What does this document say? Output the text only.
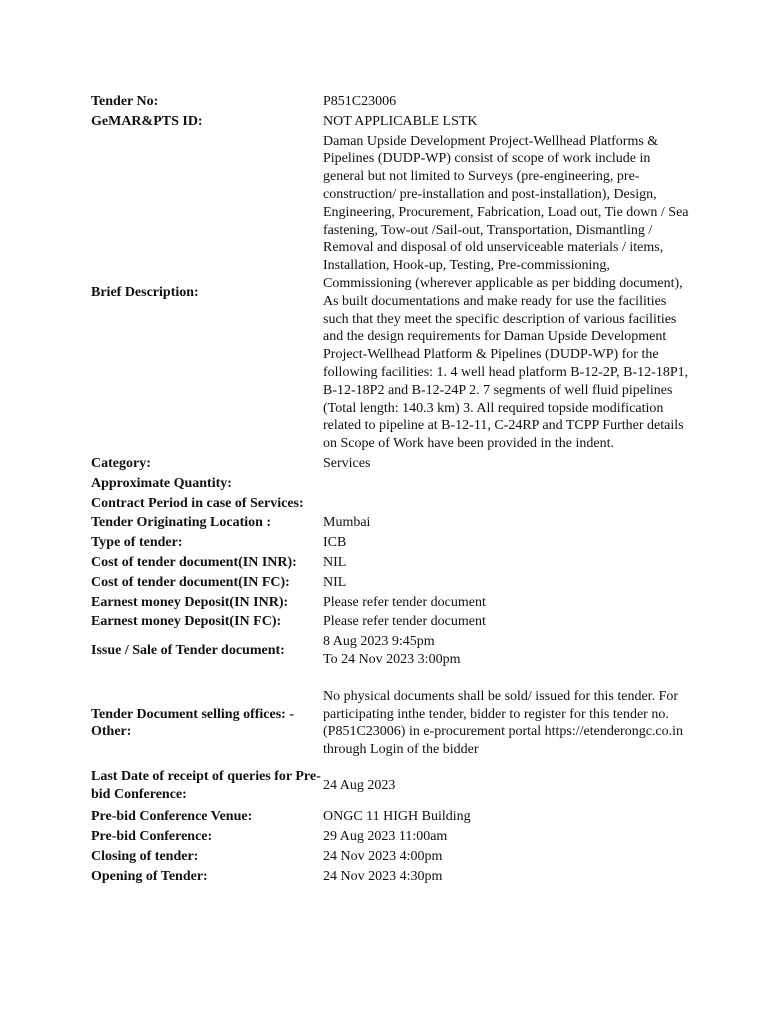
Tender No:	P851C23006
GeMAR&PTS ID:	NOT APPLICABLE LSTK
Brief Description:	Daman Upside Development Project-Wellhead Platforms & Pipelines (DUDP-WP) consist of scope of work include in general but not limited to Surveys (pre-engineering, pre-construction/ pre-installation and post-installation), Design, Engineering, Procurement, Fabrication, Load out, Tie down / Sea fastening, Tow-out /Sail-out, Transportation, Dismantling / Removal and disposal of old unserviceable materials / items, Installation, Hook-up, Testing, Pre-commissioning, Commissioning (wherever applicable as per bidding document), As built documentations and make ready for use the facilities such that they meet the specific description of various facilities and the design requirements for Daman Upside Development Project-Wellhead Platform & Pipelines (DUDP-WP) for the following facilities: 1. 4 well head platform B-12-2P, B-12-18P1, B-12-18P2 and B-12-24P 2. 7 segments of well fluid pipelines (Total length: 140.3 km) 3. All required topside modification related to pipeline at B-12-11, C-24RP and TCPP Further details on Scope of Work have been provided in the indent.
Category:	Services
Approximate Quantity:	
Contract Period in case of Services:	
Tender Originating Location :	Mumbai
Type of tender:	ICB
Cost of tender document(IN INR):	NIL
Cost of tender document(IN FC):	NIL
Earnest money Deposit(IN INR):	Please refer tender document
Earnest money Deposit(IN FC):	Please refer tender document
Issue / Sale of Tender document:	8 Aug 2023 9:45pm
To 24 Nov 2023 3:00pm

Tender Document selling offices: - Other:	No physical documents shall be sold/ issued for this tender. For participating inthe tender, bidder to register for this tender no. (P851C23006) in e-procurement portal https://etenderongc.co.in through Login of the bidder
Last Date of receipt of queries for Pre-bid Conference:	24 Aug 2023
Pre-bid Conference Venue:	ONGC 11 HIGH Building
Pre-bid Conference:	29 Aug 2023 11:00am
Closing of tender:	24 Nov 2023 4:00pm
Opening of Tender:	24 Nov 2023 4:30pm
